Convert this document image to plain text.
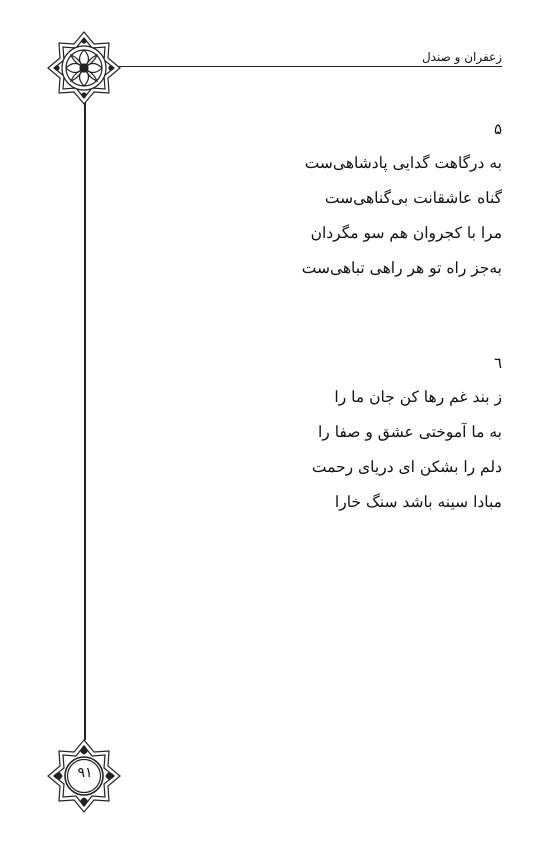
زعفران و صندل
۵
به درگاهت گدایی پادشاهی‌ست
گناه عاشقانت بی‌گناهی‌ست
مرا با کجروان هم سو مگردان
به‌جز راه تو هر راهی تباهی‌ست
٦
ز بند غم رها کن جان ما را
به ما آموختی عشق و صفا را
دلم را بشکن ای دریای رحمت
مبادا سینه باشد سنگ خارا
۹۱
